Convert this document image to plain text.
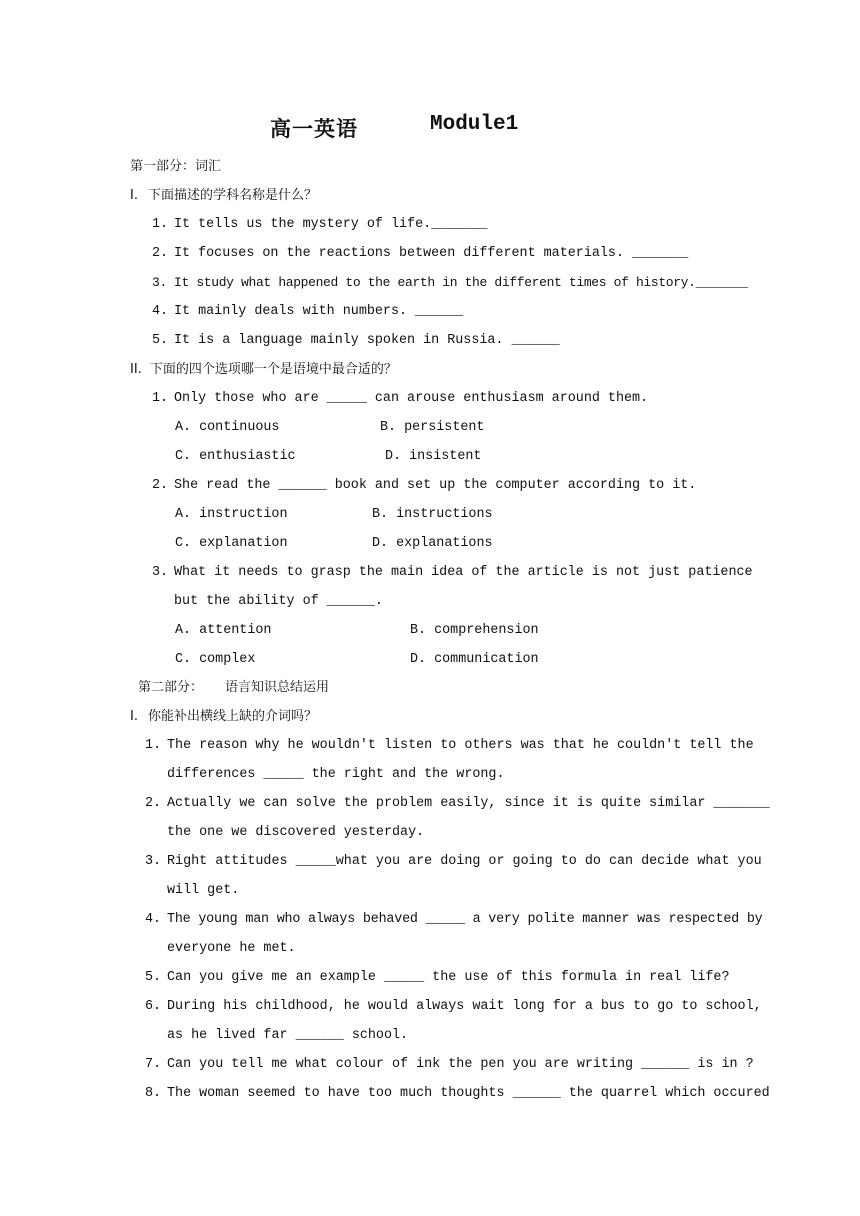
高一英语	Module1
第一部分：词汇
I. 下面描述的学科名称是什么？
1. It tells us the mystery of life._______
2. It focuses on the reactions between different materials. _______
3. It study what happened to the earth in the different times of history._______
4. It mainly deals with numbers. ______
5. It is a language mainly spoken in Russia. ______
II. 下面的四个选项哪一个是语境中最合适的？
1. Only those who are _____ can arouse enthusiasm around them.
A. continuous	B. persistent
C. enthusiastic	D. insistent
2. She read the ______ book and set up the computer according to it.
A. instruction	B. instructions
C. explanation	D. explanations
3. What it needs to grasp the main idea of the article is not just patience
but the ability of ______.
A. attention	B. comprehension
C. complex	D. communication
第二部分： 语言知识总结运用
I. 你能补出横线上缺的介词吗？
1. The reason why he wouldn't listen to others was that he couldn't tell the
differences _____ the right and the wrong.
2. Actually we can solve the problem easily, since it is quite similar _______
the one we discovered yesterday.
3. Right attitudes _____what you are doing or going to do can decide what you
will get.
4. The young man who always behaved _____ a very polite manner was respected by
everyone he met.
5. Can you give me an example _____ the use of this formula in real life?
6. During his childhood, he would always wait long for a bus to go to school,
as he lived far ______ school.
7. Can you tell me what colour of ink the pen you are writing ______ is in ?
8. The woman seemed to have too much thoughts ______ the quarrel which occured
